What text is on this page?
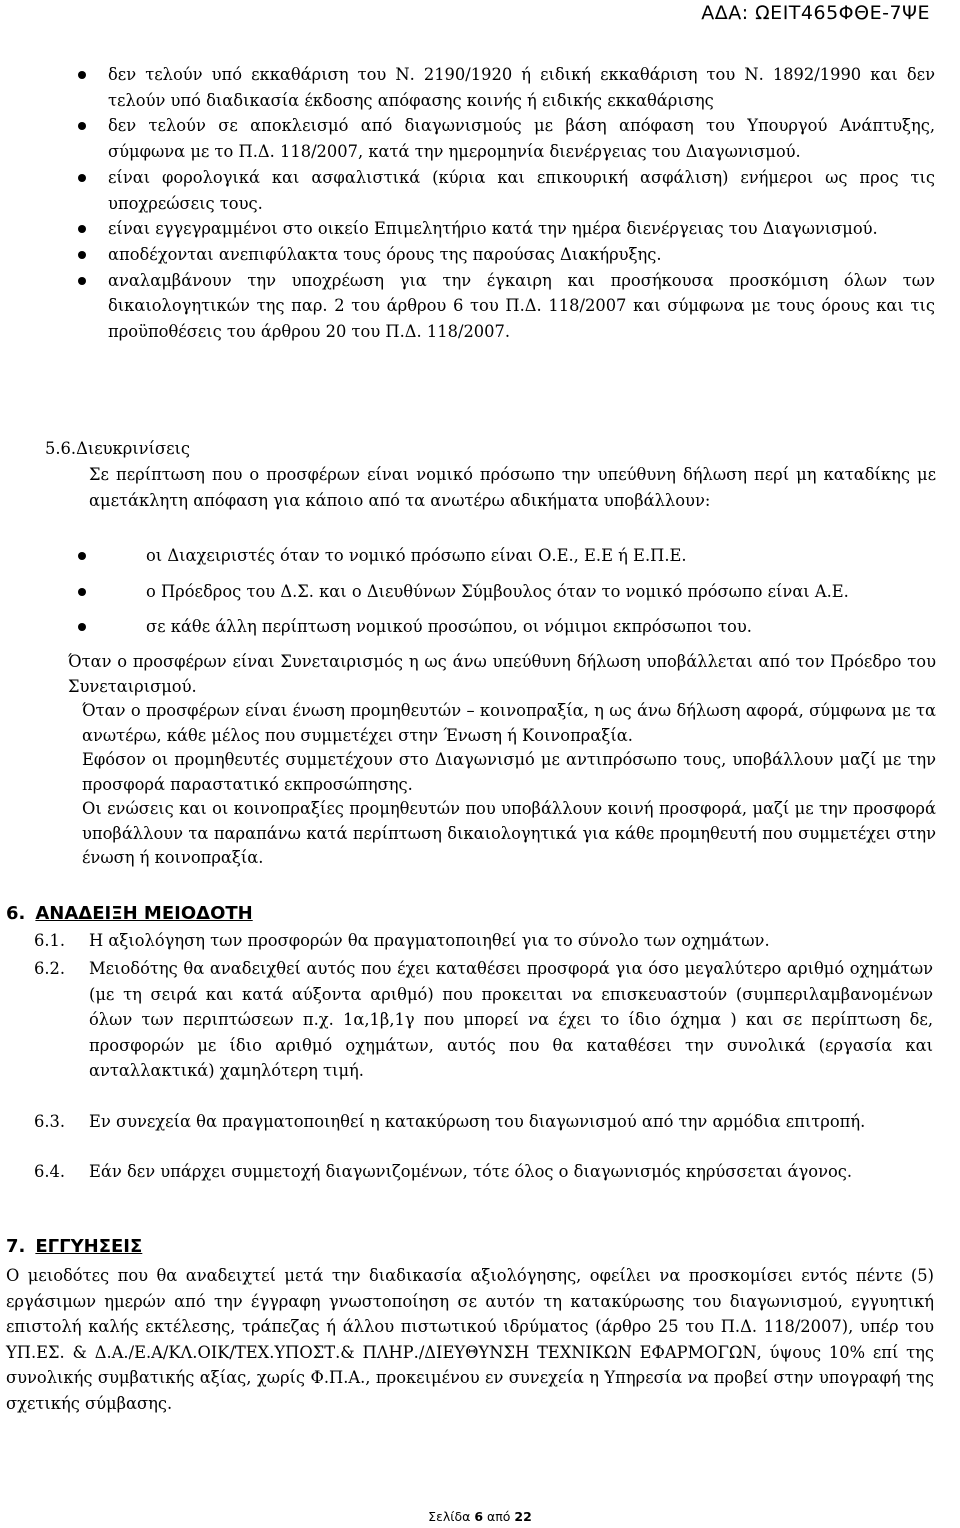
ΑΔΑ: ΩΕΙΤ465ΦΘΕ-7ΨΕ
δεν τελούν υπό εκκαθάριση του Ν. 2190/1920 ή ειδική εκκαθάριση του Ν. 1892/1990 και δεν τελούν υπό διαδικασία έκδοσης απόφασης κοινής ή ειδικής εκκαθάρισης
δεν τελούν σε αποκλεισμό από διαγωνισμούς με βάση απόφαση του Υπουργού Ανάπτυξης, σύμφωνα με το Π.Δ. 118/2007, κατά την ημερομηνία διενέργειας του Διαγωνισμού.
είναι φορολογικά και ασφαλιστικά (κύρια και επικουρική ασφάλιση) ενήμεροι ως προς τις υποχρεώσεις τους.
είναι εγγεγραμμένοι στο οικείο Επιμελητήριο κατά την ημέρα διενέργειας του Διαγωνισμού.
αποδέχονται ανεπιφύλακτα τους όρους της παρούσας Διακήρυξης.
αναλαμβάνουν την υποχρέωση για την έγκαιρη και προσήκουσα προσκόμιση όλων των δικαιολογητικών της παρ. 2 του άρθρου 6 του Π.Δ. 118/2007 και σύμφωνα με τους όρους και τις προϋποθέσεις του άρθρου 20 του Π.Δ. 118/2007.
5.6.Διευκρινίσεις
Σε περίπτωση που ο προσφέρων είναι νομικό πρόσωπο την υπεύθυνη δήλωση περί μη καταδίκης με αμετάκλητη απόφαση για κάποιο από τα ανωτέρω αδικήματα υποβάλλουν:
οι Διαχειριστές όταν το νομικό πρόσωπο είναι Ο.Ε., Ε.Ε ή Ε.Π.Ε.
ο Πρόεδρος του Δ.Σ. και ο Διευθύνων Σύμβουλος όταν το νομικό πρόσωπο είναι Α.Ε.
σε κάθε άλλη περίπτωση νομικού προσώπου, οι νόμιμοι εκπρόσωποι του.
Όταν ο προσφέρων είναι Συνεταιρισμός η ως άνω υπεύθυνη δήλωση υποβάλλεται από τον Πρόεδρο του Συνεταιρισμού.
Όταν ο προσφέρων είναι ένωση προμηθευτών – κοινοπραξία, η ως άνω δήλωση αφορά, σύμφωνα με τα ανωτέρω, κάθε μέλος που συμμετέχει στην Ένωση ή Κοινοπραξία.
Εφόσον οι προμηθευτές συμμετέχουν στο Διαγωνισμό με αντιπρόσωπο τους, υποβάλλουν μαζί με την προσφορά παραστατικό εκπροσώπησης.
Οι ενώσεις και οι κοινοπραξίες προμηθευτών που υποβάλλουν κοινή προσφορά, μαζί με την προσφορά υποβάλλουν τα παραπάνω κατά περίπτωση δικαιολογητικά για κάθε προμηθευτή που συμμετέχει στην ένωση ή κοινοπραξία.
6. ΑΝΑΔΕΙΞΗ ΜΕΙΟΔΟΤΗ
6.1.	Η αξιολόγηση των προσφορών θα πραγματοποιηθεί για το σύνολο των οχημάτων.
6.2.	Μειοδότης θα αναδειχθεί αυτός που έχει καταθέσει προσφορά για όσο μεγαλύτερο αριθμό οχημάτων (με τη σειρά και κατά αύξοντα αριθμό) που προκειται να επισκευαστούν (συμπεριλαμβανομένων όλων των περιπτώσεων π.χ. 1α,1β,1γ που μπορεί να έχει το ίδιο όχημα ) και σε περίπτωση δε, προσφορών με ίδιο αριθμό οχημάτων, αυτός που θα καταθέσει την συνολικά (εργασία και ανταλλακτικά) χαμηλότερη τιμή.
6.3.	Εν συνεχεία θα πραγματοποιηθεί η κατακύρωση του διαγωνισμού από την αρμόδια επιτροπή.
6.4.	Εάν δεν υπάρχει συμμετοχή διαγωνιζομένων, τότε όλος ο διαγωνισμός κηρύσσεται άγονος.
7. ΕΓΓΥΗΣΕΙΣ
Ο μειοδότες που θα αναδειχτεί μετά την διαδικασία αξιολόγησης, οφείλει να προσκομίσει εντός πέντε (5) εργάσιμων ημερών από την έγγραφη γνωστοποίηση σε αυτόν τη κατακύρωσης του διαγωνισμού, εγγυητική επιστολή καλής εκτέλεσης, τράπεζας ή άλλου πιστωτικού ιδρύματος (άρθρο 25 του Π.Δ. 118/2007), υπέρ του ΥΠ.ΕΣ. & Δ.Α./Ε.Α/ΚΛ.ΟΙΚ/ΤΕΧ.ΥΠΟΣΤ.& ΠΛΗΡ./ΔΙΕΥΘΥΝΣΗ ΤΕΧΝΙΚΩΝ ΕΦΑΡΜΟΓΩΝ, ύψους 10% επί της συνολικής συμβατικής αξίας, χωρίς Φ.Π.Α., προκειμένου εν συνεχεία η Υπηρεσία να προβεί στην υπογραφή της σχετικής σύμβασης.
Σελίδα 6 από 22
